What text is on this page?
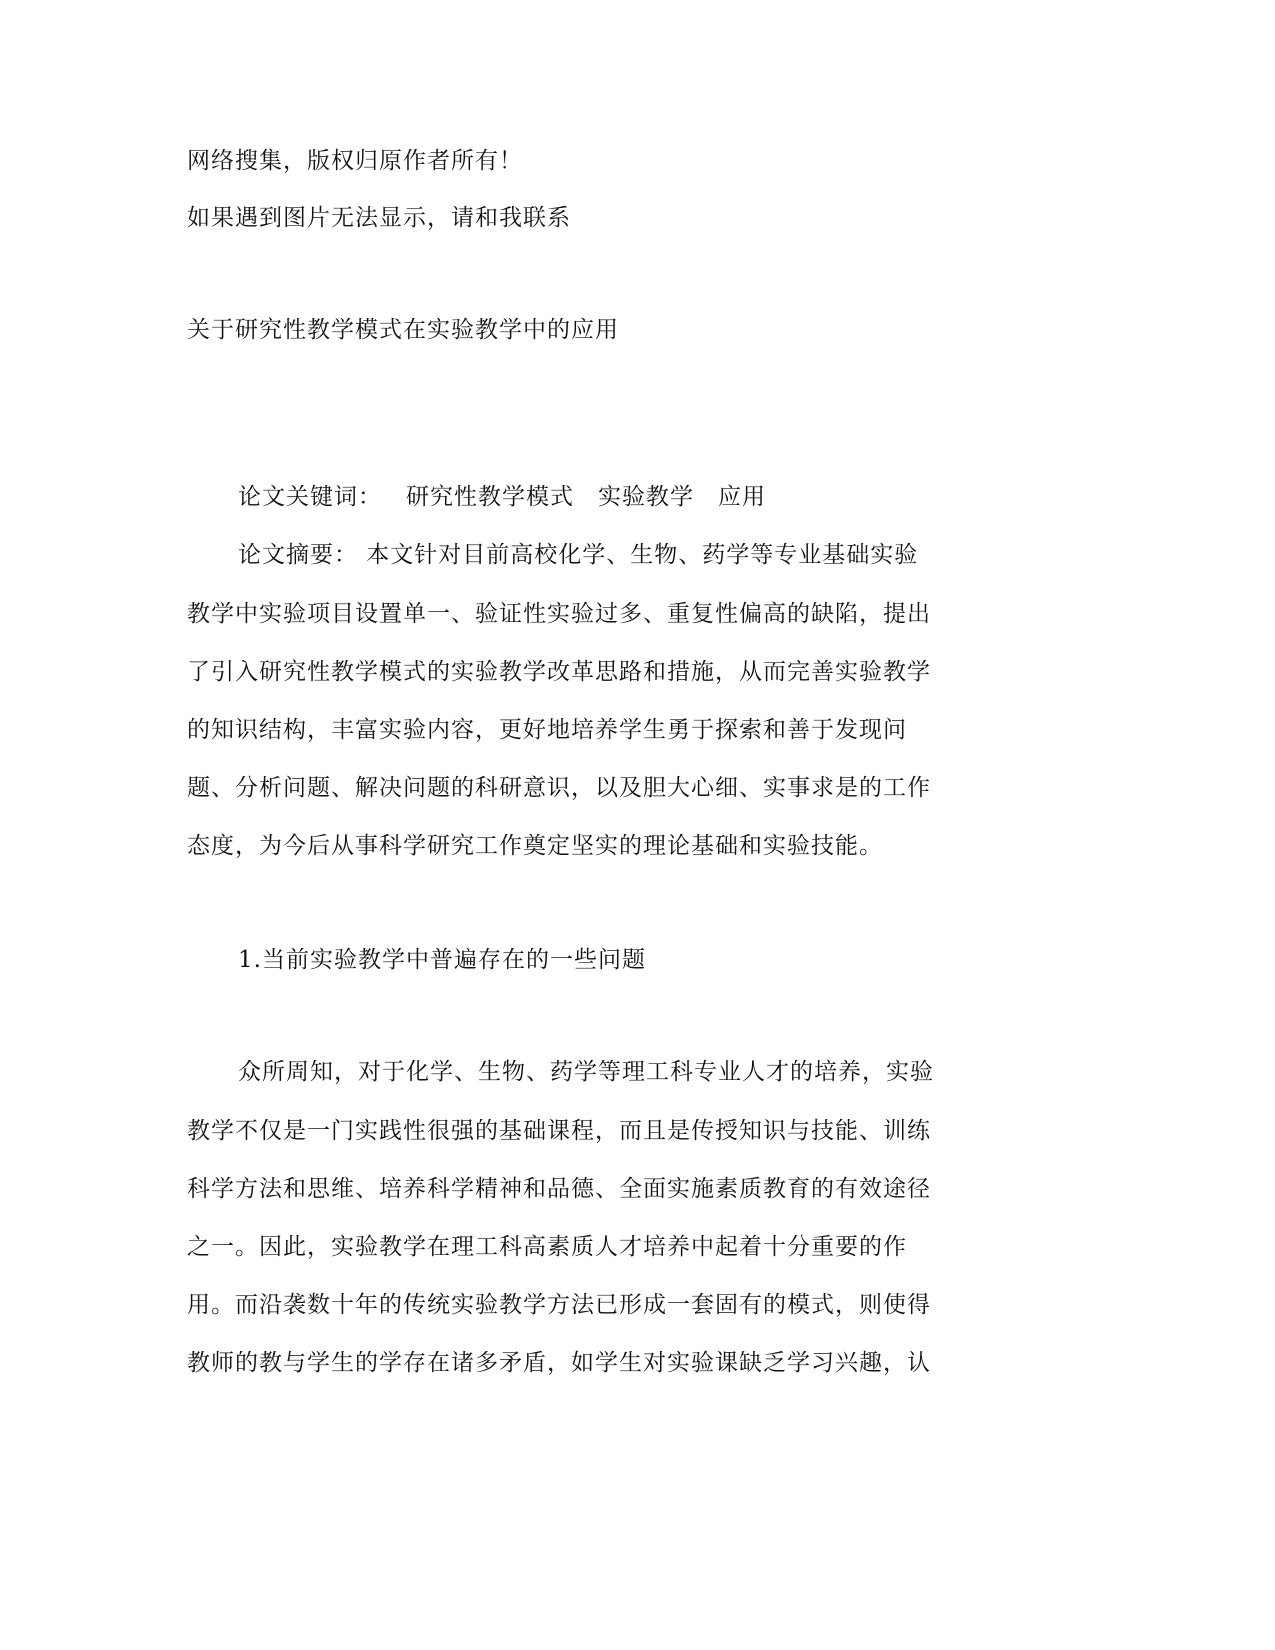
网络搜集，版权归原作者所有！
如果遇到图片无法显示，请和我联系
关于研究性教学模式在实验教学中的应用
论文关键词： 研究性教学模式 实验教学 应用
论文摘要： 本文针对目前高校化学、生物、药学等专业基础实验
教学中实验项目设置单一、验证性实验过多、重复性偏高的缺陷，提出
了引入研究性教学模式的实验教学改革思路和措施，从而完善实验教学
的知识结构，丰富实验内容，更好地培养学生勇于探索和善于发现问
题、分析问题、解决问题的科研意识，以及胆大心细、实事求是的工作
态度，为今后从事科学研究工作奠定坚实的理论基础和实验技能。
1.当前实验教学中普遍存在的一些问题
众所周知，对于化学、生物、药学等理工科专业人才的培养，实验
教学不仅是一门实践性很强的基础课程，而且是传授知识与技能、训练
科学方法和思维、培养科学精神和品德、全面实施素质教育的有效途径
之一。因此，实验教学在理工科高素质人才培养中起着十分重要的作
用。而沿袭数十年的传统实验教学方法已形成一套固有的模式，则使得
教师的教与学生的学存在诸多矛盾，如学生对实验课缺乏学习兴趣，认
